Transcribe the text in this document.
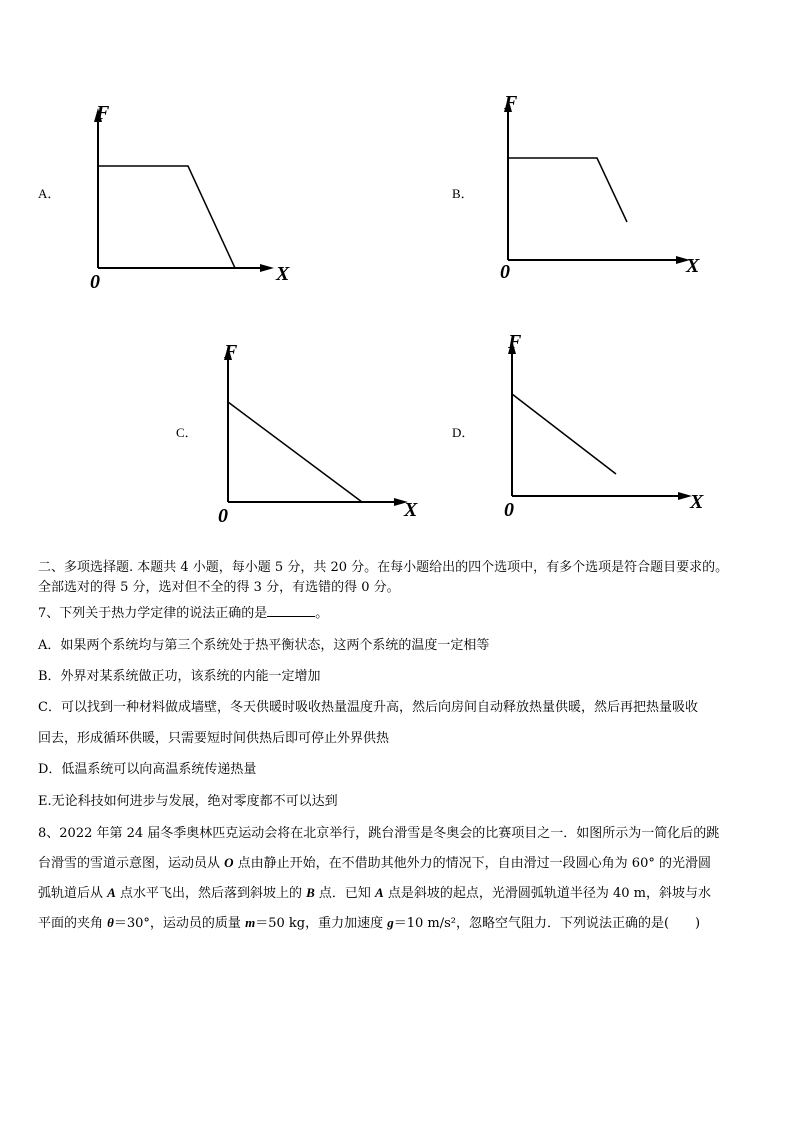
A．	B．
C．	D．
F
X
0
F
X
0
F
X
0
F
X
0
二、多项选择题. 本题共 4 小题，每小题 5 分，共 20 分。在每小题给出的四个选项中，有多个选项是符合题目要求的。
全部选对的得 5 分，选对但不全的得 3 分，有选错的得 0 分。
7、下列关于热力学定律的说法正确的是	。
A．如果两个系统均与第三个系统处于热平衡状态，这两个系统的温度一定相等
B．外界对某系统做正功，该系统的内能一定增加
C．可以找到一种材料做成墙壁，冬天供暖时吸收热量温度升高，然后向房间自动释放热量供暖，然后再把热量吸收
回去，形成循环供暖，只需要短时间供热后即可停止外界供热
D．低温系统可以向高温系统传递热量
E.无论科技如何进步与发展，绝对零度都不可以达到
8、2022 年第 24 届冬季奥林匹克运动会将在北京举行，跳台滑雪是冬奥会的比赛项目之一．如图所示为一简化后的跳
台滑雪的雪道示意图，运动员从 O 点由静止开始，在不借助其他外力的情况下，自由滑过一段圆心角为 60° 的光滑圆
弧轨道后从 A 点水平飞出，然后落到斜坡上的 B 点．已知 A 点是斜坡的起点，光滑圆弧轨道半径为 40 m，斜坡与水
平面的夹角 θ＝30°，运动员的质量 m＝50 kg，重力加速度 g＝10 m/s²，忽略空气阻力．下列说法正确的是(　　)
